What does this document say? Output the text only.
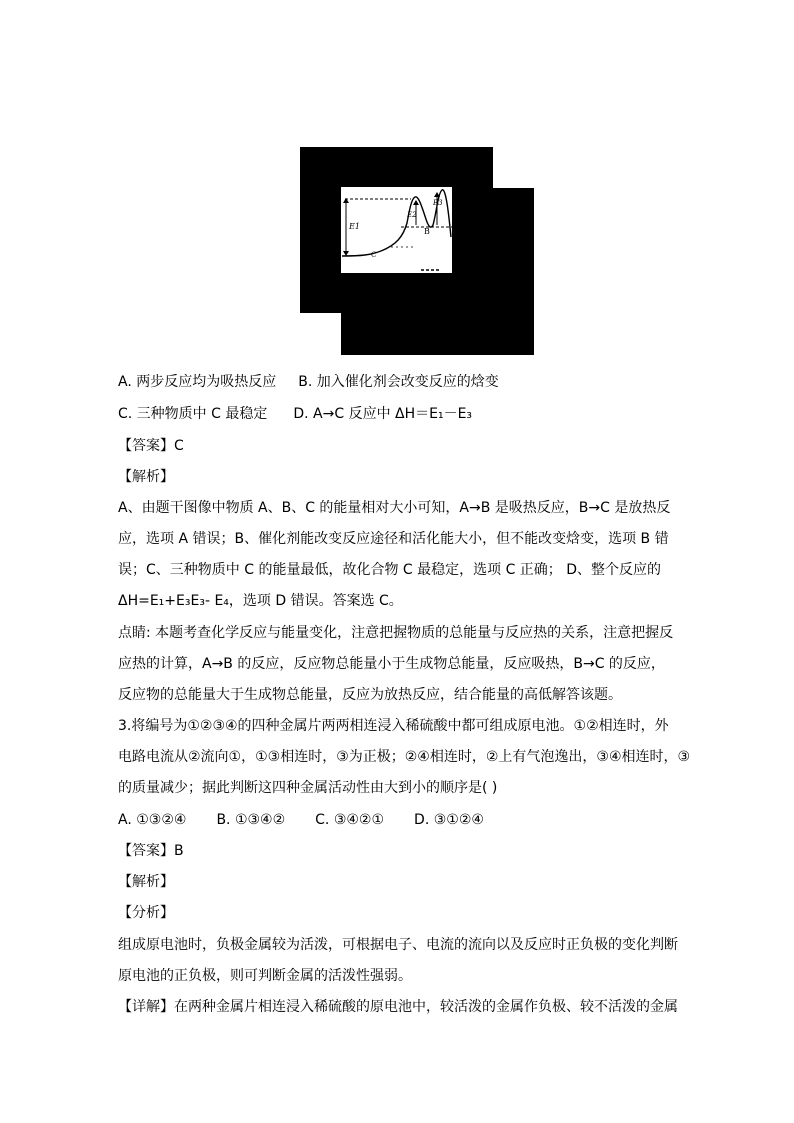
E1
E2
E3
B
C
A. 两步反应均为吸热反应 B. 加入催化剂会改变反应的焓变
C. 三种物质中 C 最稳定 D. A→C 反应中 ΔH＝E₁－E₃
【答案】C
【解析】
A、由题干图像中物质 A、B、C 的能量相对大小可知，A→B 是吸热反应，B→C 是放热反
应，选项 A 错误；B、催化剂能改变反应途径和活化能大小，但不能改变焓变，选项 B 错
误；C、三种物质中 C 的能量最低，故化合物 C 最稳定，选项 C 正确； D、整个反应的
ΔH=E₁+E₃E₃- E₄，选项 D 错误。答案选 C。
点睛: 本题考查化学反应与能量变化，注意把握物质的总能量与反应热的关系，注意把握反
应热的计算，A→B 的反应，反应物总能量小于生成物总能量，反应吸热，B→C 的反应，
反应物的总能量大于生成物总能量，反应为放热反应，结合能量的高低解答该题。
3.将编号为①②③④的四种金属片两两相连浸入稀硫酸中都可组成原电池。①②相连时，外
电路电流从②流向①，①③相连时，③为正极；②④相连时，②上有气泡逸出，③④相连时，③
的质量减少；据此判断这四种金属活动性由大到小的顺序是( )
A. ①③②④ B. ①③④② C. ③④②① D. ③①②④
【答案】B
【解析】
【分析】
组成原电池时，负极金属较为活泼，可根据电子、电流的流向以及反应时正负极的变化判断
原电池的正负极，则可判断金属的活泼性强弱。
【详解】在两种金属片相连浸入稀硫酸的原电池中，较活泼的金属作负极、较不活泼的金属
